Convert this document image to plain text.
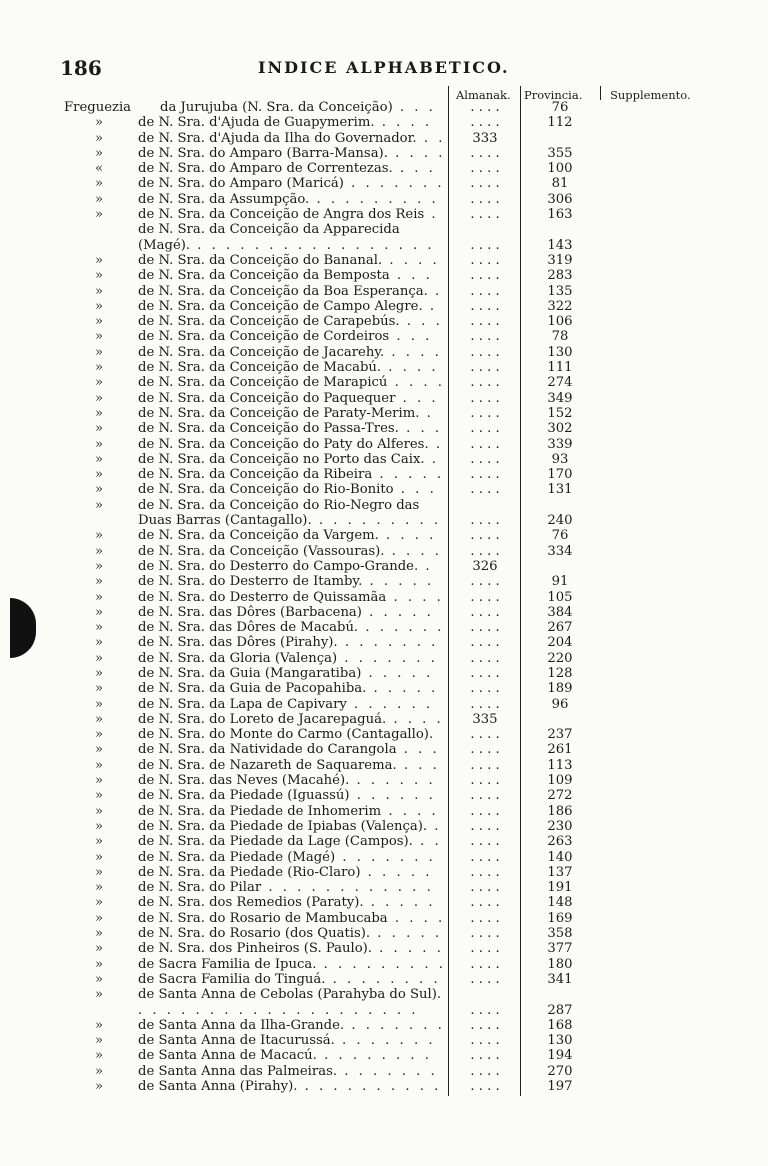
186	INDICE ALPHABETICO.
Almanak. Provincia. Supplemento.
Freguezia da Jurujuba (N. Sra. da Conceição) . . .	. . . .	76
»	de N. Sra. d'Ajuda de Guapymerim. . . . .	. . . .	112
»	de N. Sra. d'Ajuda da Ilha do Governador. . .	333
»	de N. Sra. do Amparo (Barra-Mansa). . . . .	. . . .	355
«	de N. Sra. do Amparo de Correntezas. . . .	. . . .	100
»	de N. Sra. do Amparo (Maricá) . . . . . . .	. . . .	81
»	de N. Sra. da Assumpção. . . . . . . . . .	. . . .	306
»	de N. Sra. da Conceição de Angra dos Reis .	. . . .	163
de N. Sra. da Conceição da Apparecida (Magé). . . . . . . . . . . . . . . . . .	. . . .	143
»	de N. Sra. da Conceição do Bananal. . . . .	. . . .	319
»	de N. Sra. da Conceição da Bemposta . . .	. . . .	283
»	de N. Sra. da Conceição da Boa Esperança. .	. . . .	135
»	de N. Sra. da Conceição de Campo Alegre. .	. . . .	322
»	de N. Sra. da Conceição de Carapebús. . . .	. . . .	106
»	de N. Sra. da Conceição de Cordeiros . . .	. . . .	78
»	de N. Sra. da Conceição de Jacarehy. . . . .	. . . .	130
»	de N. Sra. da Conceição de Macabú. . . . .	. . . .	111
»	de N. Sra. da Conceição de Marapicú . . . .	. . . .	274
»	de N. Sra. da Conceição do Paquequer . . .	. . . .	349
»	de N. Sra. da Conceição de Paraty-Merim. .	. . . .	152
»	de N. Sra. da Conceição do Passa-Tres. . . .	. . . .	302
»	de N. Sra. da Conceição do Paty do Alferes. .	. . . .	339
»	de N. Sra. da Conceição no Porto das Caix. .	. . . .	93
»	de N. Sra. da Conceição da Ribeira . . . . .	. . . .	170
»	de N. Sra. da Conceição do Rio-Bonito . . .	. . . .	131
»	de N. Sra. da Conceição do Rio-Negro das Duas Barras (Cantagallo). . . . . . . . . .	. . . .	240
»	de N. Sra. da Conceição da Vargem. . . . .	. . . .	76
»	de N. Sra. da Conceição (Vassouras). . . . .	. . . .	334
»	de N. Sra. do Desterro do Campo-Grande. .	326
»	de N. Sra. do Desterro de Itamby. . . . . .	. . . .	91
»	de N. Sra. do Desterro de Quissamãa . . . .	. . . .	105
»	de N. Sra. das Dôres (Barbacena) . . . . .	. . . .	384
»	de N. Sra. das Dôres de Macabú. . . . . . .	. . . .	267
»	de N. Sra. das Dôres (Pirahy). . . . . . . .	. . . .	204
»	de N. Sra. da Gloria (Valença) . . . . . . .	. . . .	220
»	de N. Sra. da Guia (Mangaratiba) . . . . .	. . . .	128
»	de N. Sra. da Guia de Pacopahiba. . . . . .	. . . .	189
»	de N. Sra. da Lapa de Capivary . . . . . .	. . . .	96
»	de N. Sra. do Loreto de Jacarepaguá. . . . .	335
»	de N. Sra. do Monte do Carmo (Cantagallo).	. . . .	237
»	de N. Sra. da Natividade do Carangola . . .	. . . .	261
»	de N. Sra. de Nazareth de Saquarema. . . .	. . . .	113
»	de N. Sra. das Neves (Macahé). . . . . . .	. . . .	109
»	de N. Sra. da Piedade (Iguassú) . . . . . .	. . . .	272
»	de N. Sra. da Piedade de Inhomerim . . . .	. . . .	186
»	de N. Sra. da Piedade de Ipiabas (Valença). .	. . . .	230
»	de N. Sra. da Piedade da Lage (Campos). . .	. . . .	263
»	de N. Sra. da Piedade (Magé) . . . . . . .	. . . .	140
»	de N. Sra. da Piedade (Rio-Claro) . . . . .	. . . .	137
»	de N. Sra. do Pilar . . . . . . . . . . . .	. . . .	191
»	de N. Sra. dos Remedios (Paraty). . . . . .	. . . .	148
»	de N. Sra. do Rosario de Mambucaba . . . .	. . . .	169
»	de N. Sra. do Rosario (dos Quatis). . . . . .	. . . .	358
»	de N. Sra. dos Pinheiros (S. Paulo). . . . . .	. . . .	377
»	de Sacra Familia de Ipuca. . . . . . . . . .	. . . .	180
»	de Sacra Familia do Tinguá. . . . . . . . .	. . . .	341
»	de Santa Anna de Cebolas (Parahyba do Sul). . . . . . . . . . . . . . . . . . . . .	. . . .	287
»	de Santa Anna da Ilha-Grande. . . . . . . .	. . . .	168
»	de Santa Anna de Itacurussá. . . . . . . .	. . . .	130
»	de Santa Anna de Macacú. . . . . . . . .	. . . .	194
»	de Santa Anna das Palmeiras. . . . . . . .	. . . .	270
»	de Santa Anna (Pirahy). . . . . . . . . . .	. . . .	197
